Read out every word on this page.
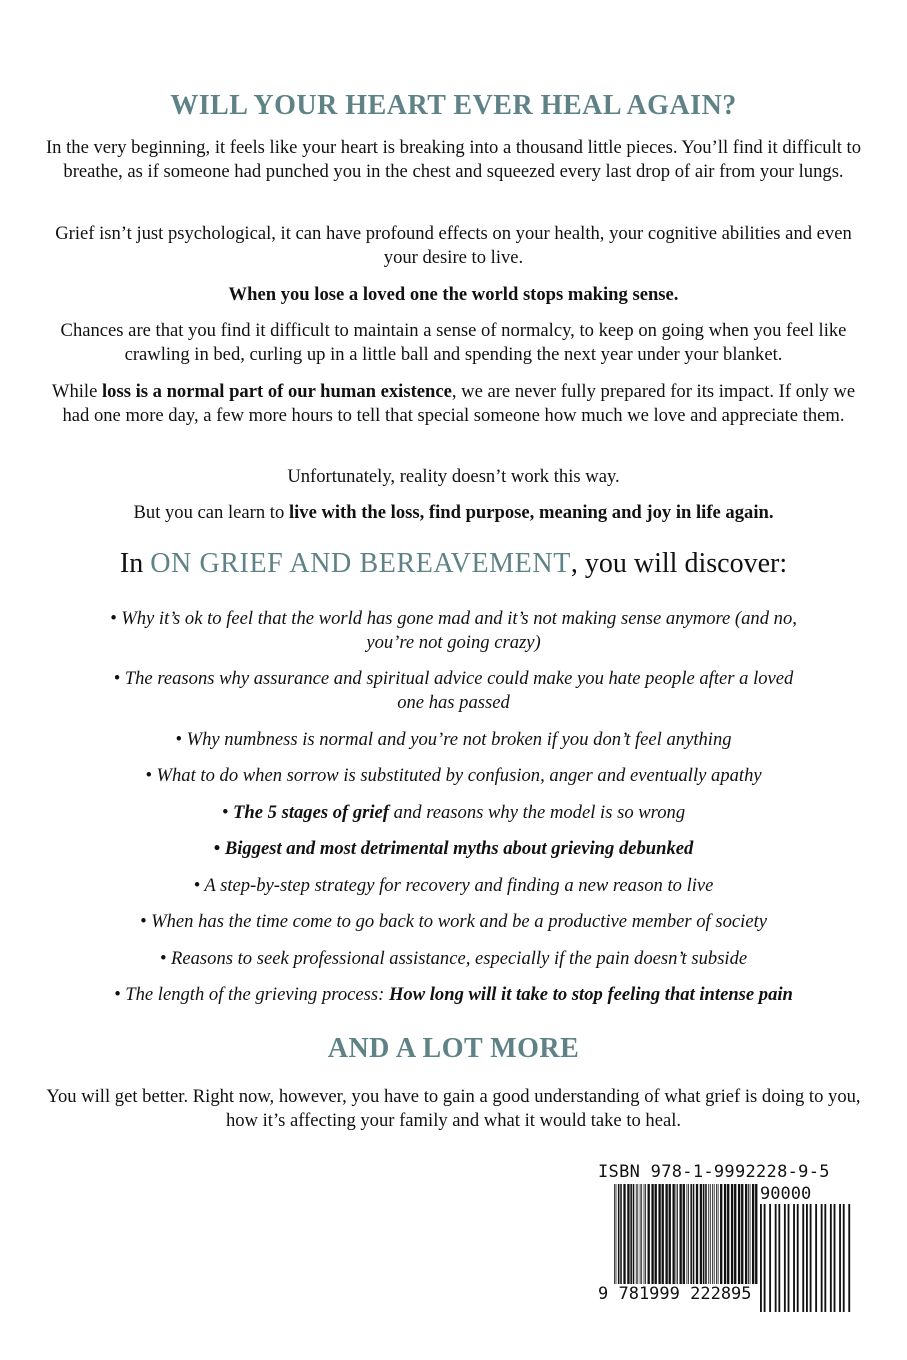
WILL YOUR HEART EVER HEAL AGAIN?

In the very beginning, it feels like your heart is breaking into a thousand little pieces. You’ll find it difficult to breathe, as if someone had punched you in the chest and squeezed every last drop of air from your lungs.

Grief isn’t just psychological, it can have profound effects on your health, your cognitive abilities and even your desire to live.

When you lose a loved one the world stops making sense.

Chances are that you find it difficult to maintain a sense of normalcy, to keep on going when you feel like crawling in bed, curling up in a little ball and spending the next year under your blanket.

While loss is a normal part of our human existence, we are never fully prepared for its impact. If only we had one more day, a few more hours to tell that special someone how much we love and appreciate them.

Unfortunately, reality doesn’t work this way.

But you can learn to live with the loss, find purpose, meaning and joy in life again.

In ON GRIEF AND BEREAVEMENT, you will discover:

• Why it’s ok to feel that the world has gone mad and it’s not making sense anymore (and no, you’re not going crazy)

• The reasons why assurance and spiritual advice could make you hate people after a loved one has passed

• Why numbness is normal and you’re not broken if you don’t feel anything

• What to do when sorrow is substituted by confusion, anger and eventually apathy

• The 5 stages of grief and reasons why the model is so wrong

• Biggest and most detrimental myths about grieving debunked

• A step-by-step strategy for recovery and finding a new reason to live

• When has the time come to go back to work and be a productive member of society

• Reasons to seek professional assistance, especially if the pain doesn’t subside

• The length of the grieving process: How long will it take to stop feeling that intense pain

AND A LOT MORE

You will get better. Right now, however, you have to gain a good understanding of what grief is doing to you, how it’s affecting your family and what it would take to heal.

ISBN 978-1-9992228-9-5
90000
9 781999 222895
